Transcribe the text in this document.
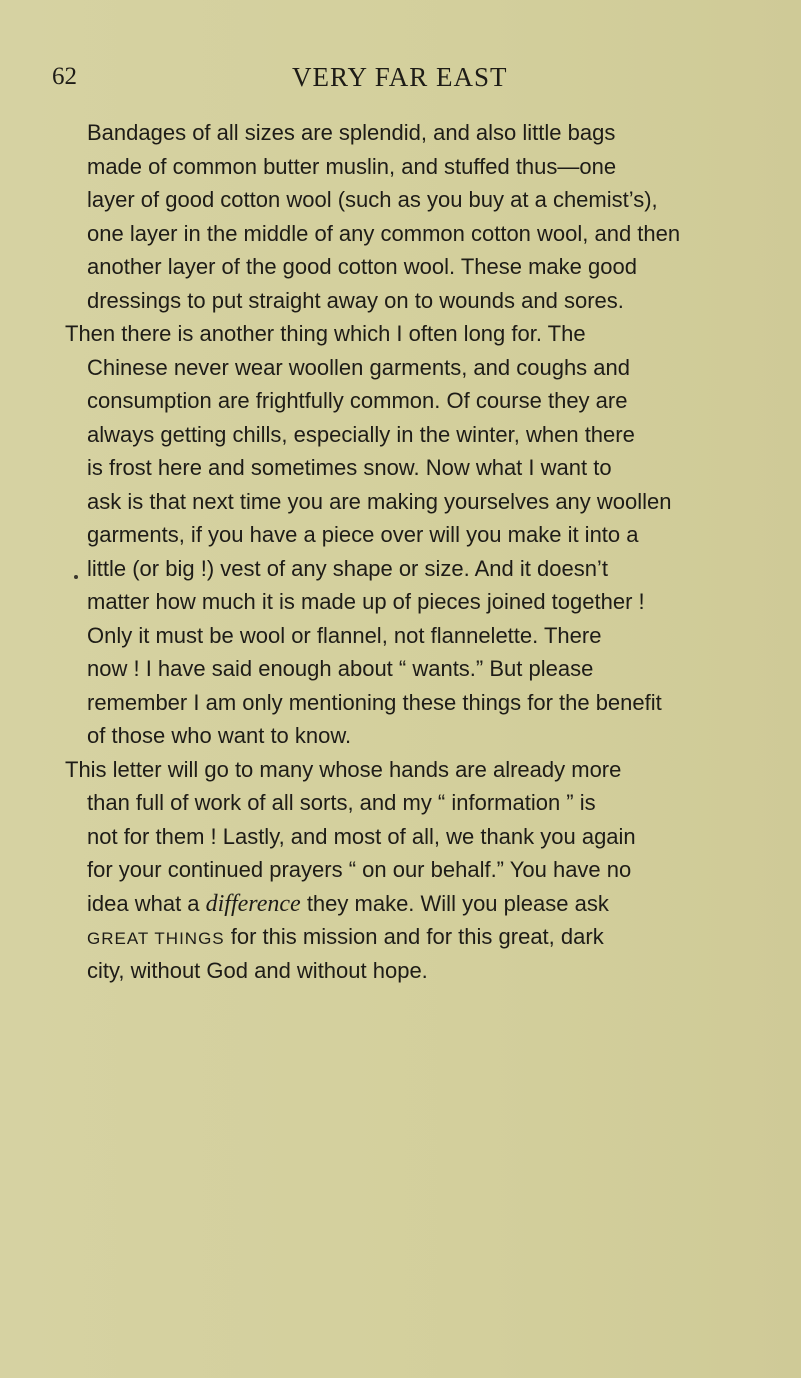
62	VERY FAR EAST
Bandages of all sizes are splendid, and also little bags
made of common butter muslin, and stuffed thus—one
layer of good cotton wool (such as you buy at a chemist’s),
one layer in the middle of any common cotton wool, and then
another layer of the good cotton wool. These make good
dressings to put straight away on to wounds and sores.
Then there is another thing which I often long for. The
Chinese never wear woollen garments, and coughs and
consumption are frightfully common. Of course they are
always getting chills, especially in the winter, when there
is frost here and sometimes snow. Now what I want to
ask is that next time you are making yourselves any woollen
garments, if you have a piece over will you make it into a
little (or big !) vest of any shape or size. And it doesn’t
matter how much it is made up of pieces joined together !
Only it must be wool or flannel, not flannelette. There
now ! I have said enough about “ wants.” But please
remember I am only mentioning these things for the benefit
of those who want to know.
This letter will go to many whose hands are already more
than full of work of all sorts, and my “ information ” is
not for them ! Lastly, and most of all, we thank you again
for your continued prayers “ on our behalf.” You have no
idea what a difference they make. Will you please ask
GREAT THINGS for this mission and for this great, dark
city, without God and without hope.
